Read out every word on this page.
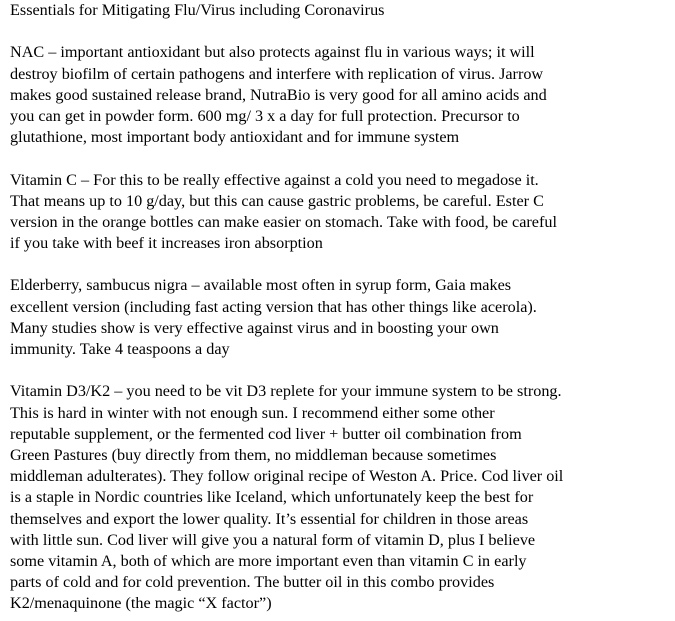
Essentials for Mitigating Flu/Virus including Coronavirus
NAC – important antioxidant but also protects against flu in various ways; it will
destroy biofilm of certain pathogens and interfere with replication of virus. Jarrow
makes good sustained release brand, NutraBio is very good for all amino acids and
you can get in powder form. 600 mg/ 3 x a day for full protection. Precursor to
glutathione, most important body antioxidant and for immune system
Vitamin C – For this to be really effective against a cold you need to megadose it.
That means up to 10 g/day, but this can cause gastric problems, be careful. Ester C
version in the orange bottles can make easier on stomach. Take with food, be careful
if you take with beef it increases iron absorption
Elderberry, sambucus nigra – available most often in syrup form, Gaia makes
excellent version (including fast acting version that has other things like acerola).
Many studies show is very effective against virus and in boosting your own
immunity. Take 4 teaspoons a day
Vitamin D3/K2 – you need to be vit D3 replete for your immune system to be strong.
This is hard in winter with not enough sun. I recommend either some other
reputable supplement, or the fermented cod liver + butter oil combination from
Green Pastures (buy directly from them, no middleman because sometimes
middleman adulterates). They follow original recipe of Weston A. Price. Cod liver oil
is a staple in Nordic countries like Iceland, which unfortunately keep the best for
themselves and export the lower quality. It’s essential for children in those areas
with little sun. Cod liver will give you a natural form of vitamin D, plus I believe
some vitamin A, both of which are more important even than vitamin C in early
parts of cold and for cold prevention. The butter oil in this combo provides
K2/menaquinone (the magic “X factor”)
